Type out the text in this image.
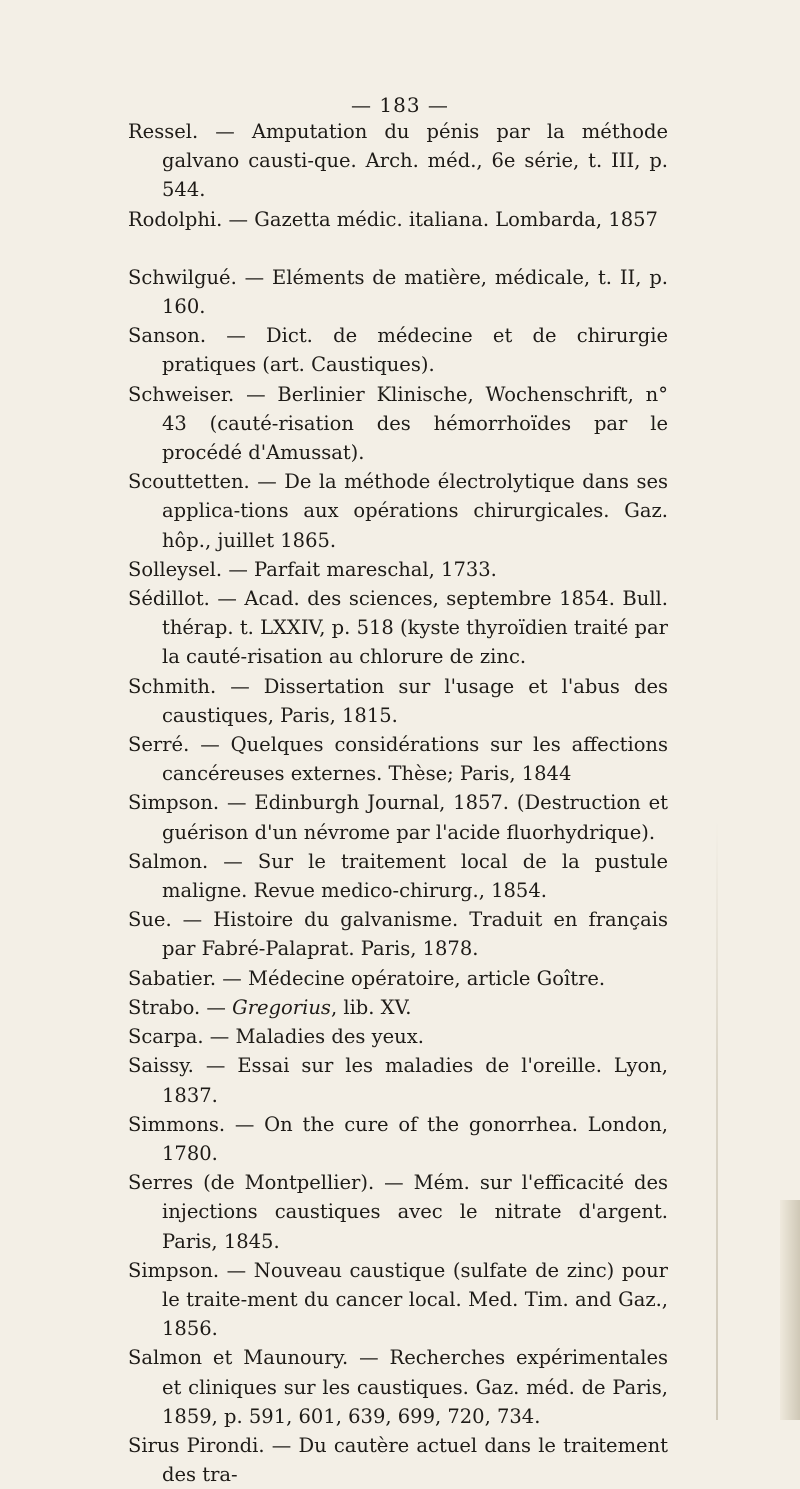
— 183 —

Ressel. — Amputation du pénis par la méthode galvano causti-que. Arch. méd., 6e série, t. III, p. 544.

Rodolphi. — Gazetta médic. italiana. Lombarda, 1857

Schwilgué. — Eléments de matière, médicale, t. II, p. 160.

Sanson. — Dict. de médecine et de chirurgie pratiques (art. Caustiques).

Schweiser. — Berlinier Klinische, Wochenschrift, n° 43 (cauté-risation des hémorrhoïdes par le procédé d'Amussat).

Scouttetten. — De la méthode électrolytique dans ses applica-tions aux opérations chirurgicales. Gaz. hôp., juillet 1865.

Solleysel. — Parfait mareschal, 1733.

Sédillot. — Acad. des sciences, septembre 1854. Bull. thérap. t. LXXIV, p. 518 (kyste thyroïdien traité par la cauté-risation au chlorure de zinc.

Schmith. — Dissertation sur l'usage et l'abus des caustiques, Paris, 1815.

Serré. — Quelques considérations sur les affections cancéreuses externes. Thèse; Paris, 1844

Simpson. — Edinburgh Journal, 1857. (Destruction et guérison d'un névrome par l'acide fluorhydrique).

Salmon. — Sur le traitement local de la pustule maligne. Revue medico-chirurg., 1854.

Sue. — Histoire du galvanisme. Traduit en français par Fabré-Palaprat. Paris, 1878.

Sabatier. — Médecine opératoire, article Goître.

Strabo. — Gregorius, lib. XV.

Scarpa. — Maladies des yeux.

Saissy. — Essai sur les maladies de l'oreille. Lyon, 1837.

Simmons. — On the cure of the gonorrhea. London, 1780.

Serres (de Montpellier). — Mém. sur l'efficacité des injections caustiques avec le nitrate d'argent. Paris, 1845.

Simpson. — Nouveau caustique (sulfate de zinc) pour le traite-ment du cancer local. Med. Tim. and Gaz., 1856.

Salmon et Maunoury. — Recherches expérimentales et cliniques sur les caustiques. Gaz. méd. de Paris, 1859, p. 591, 601, 639, 699, 720, 734.

Sirus Pirondi. — Du cautère actuel dans le traitement des tra-
